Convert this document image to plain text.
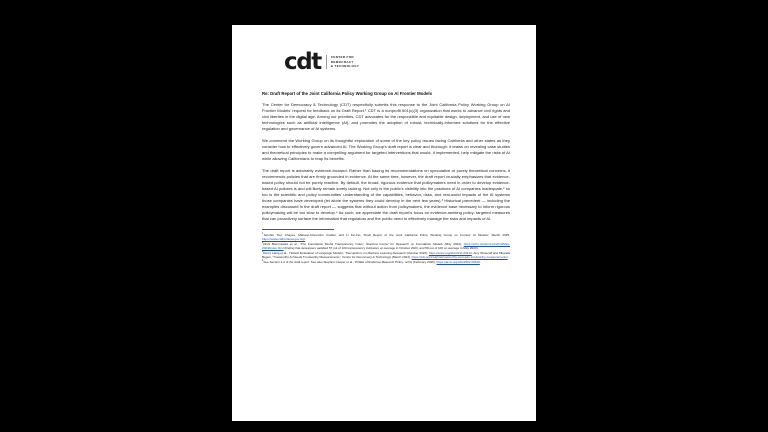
cdt	CENTER FOR
DEMOCRACY
& TECHNOLOGY
Re: Draft Report of the Joint California Policy Working Group on AI Frontier Models

The Center for Democracy & Technology (CDT) respectfully submits this response to the Joint California Policy Working Group on AI Frontier Models' request for feedback on its Draft Report.¹ CDT is a nonprofit 501(c)(3) organization that works to advance civil rights and civil liberties in the digital age. Among our priorities, CDT advocates for the responsible and equitable design, deployment, and use of new technologies such as artificial intelligence (AI), and promotes the adoption of robust, technically-informed solutions for the effective regulation and governance of AI systems.

We commend the Working Group on its thoughtful exploration of some of the key policy issues facing California and other states as they consider how to effectively govern advanced AI. The Working Group's draft report is clear and thorough: it draws on revealing case studies and theoretical principles to make a compelling argument for targeted interventions that would, if implemented, help mitigate the risks of AI while allowing Californians to reap its benefits.

The draft report is admirably evidence-focused. Rather than basing its recommendations on speculative or purely theoretical concerns, it recommends policies that are firmly grounded in evidence. At the same time, however, the draft report crucially emphasizes that evidence-based policy should not be purely reactive. By default, the broad, rigorous evidence that policymakers need in order to develop evidence-based AI policies is and will likely remain sorely lacking. Not only is the public's visibility into the practices of AI companies inadequate,² so too is the scientific and policy communities' understanding of the capabilities, behavior, risks, and real-world impacts of the AI systems those companies have developed (let alone the systems they could develop in the next few years).³ Historical precedent — including the examples discussed in the draft report — suggests that without action from policymakers, the evidence base necessary to inform rigorous policymaking will be too slow to develop.⁴ As such, we appreciate the draft report's focus on evidence-seeking policy: targeted measures that can proactively surface the information that regulators and the public need to effectively manage the risks and impacts of AI.

$^1$Jennifer Tour Chayes, Mariano-Florentino Cuéllar, and Li Fei-Fei, 'Draft Report of the Joint California Policy Working Group on Frontier AI Models,' March 2025, https://www.cafrontierai.gov.org/.

$^2$Rishi Bommasani et al., 'The Foundation Model Transparency Index,' Stanford Center for Research on Foundation Models (May 2024), https://crfm.stanford.edu/fmti/May-2024/index.html (finding that developers satisfied 57 out of 100 transparency indicators on average in October 2023, and 58 out of 100 on average in May 2024).

$^3$Percy Liang et al., 'Holistic Evaluation of Language Models,' Transactions on Machine Learning Research (October 2022), https://arxiv.org/abs/2211.09110; Amy Winecoff and Miranda Bogen, 'Trustworthy AI Needs Trustworthy Measurements,' Center for Democracy & Technology (March 2024), https://cdt.org/insights/trustworthy-ai-needs-trustworthy-measurements/.

$^4$See Section 2.3 of the draft report. See also Stephen Casper et al., 'Pitfalls of Evidence-Based AI Policy,' arXiv (February 2025), https://arxiv.org/abs/2502.09618.
